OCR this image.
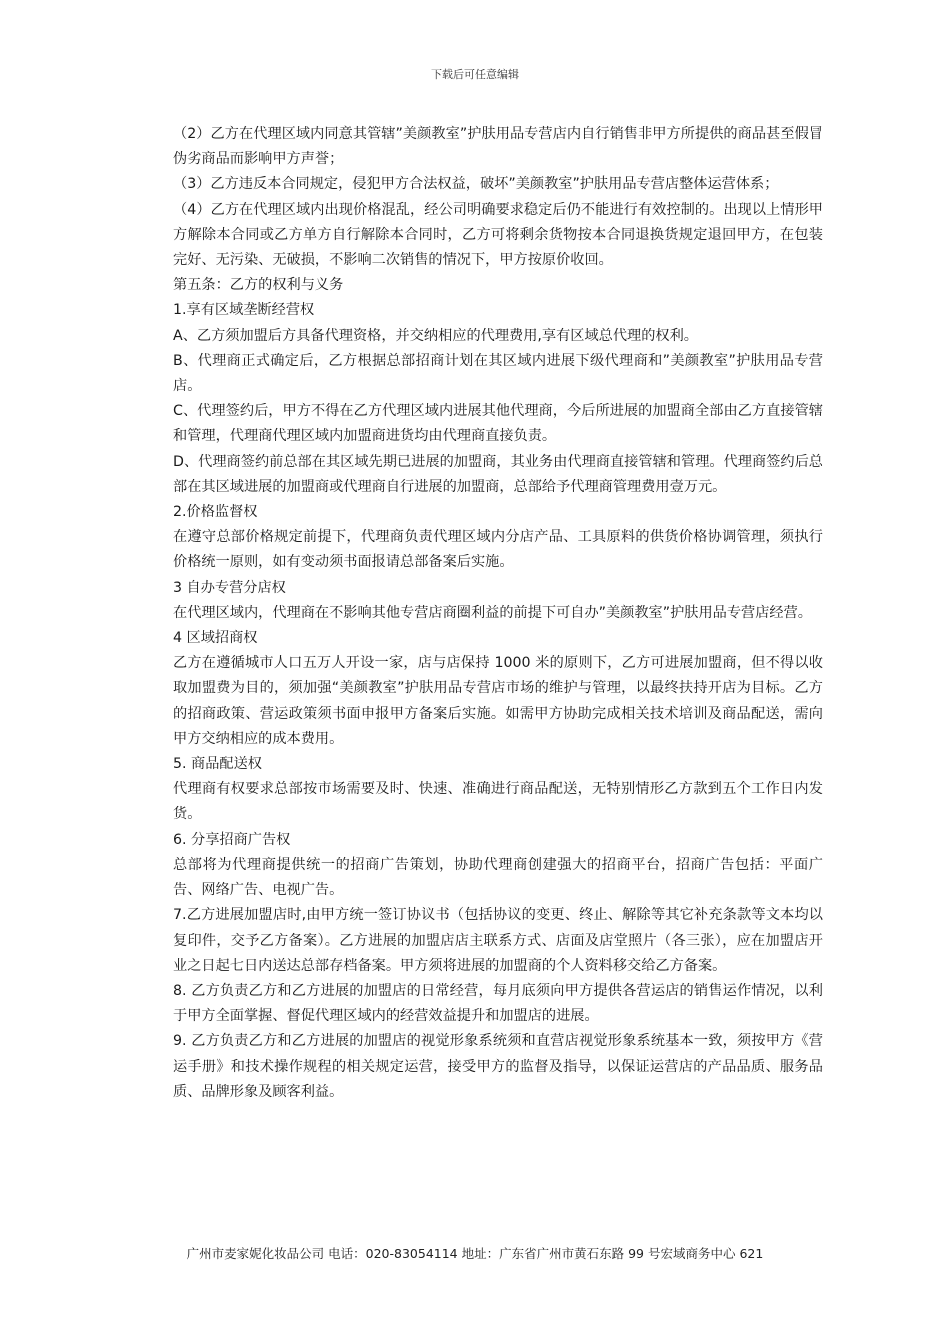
下载后可任意编辑

（2）乙方在代理区域内同意其管辖”美颜教室”护肤用品专营店内自行销售非甲方所提供的商品甚至假冒伪劣商品而影响甲方声誉；

（3）乙方违反本合同规定，侵犯甲方合法权益，破坏”美颜教室”护肤用品专营店整体运营体系；

（4）乙方在代理区域内出现价格混乱，经公司明确要求稳定后仍不能进行有效控制的。出现以上情形甲方解除本合同或乙方单方自行解除本合同时，乙方可将剩余货物按本合同退换货规定退回甲方，在包装完好、无污染、无破损，不影响二次销售的情况下，甲方按原价收回。

第五条：乙方的权利与义务

1.享有区域垄断经营权

A、乙方须加盟后方具备代理资格，并交纳相应的代理费用,享有区域总代理的权利。

B、代理商正式确定后，乙方根据总部招商计划在其区域内进展下级代理商和”美颜教室”护肤用品专营店。

C、代理签约后，甲方不得在乙方代理区域内进展其他代理商，今后所进展的加盟商全部由乙方直接管辖和管理，代理商代理区域内加盟商进货均由代理商直接负责。

D、代理商签约前总部在其区域先期已进展的加盟商，其业务由代理商直接管辖和管理。代理商签约后总部在其区域进展的加盟商或代理商自行进展的加盟商，总部给予代理商管理费用壹万元。

2.价格监督权

在遵守总部价格规定前提下，代理商负责代理区域内分店产品、工具原料的供货价格协调管理，须执行价格统一原则，如有变动须书面报请总部备案后实施。

3 自办专营分店权

在代理区域内，代理商在不影响其他专营店商圈利益的前提下可自办”美颜教室”护肤用品专营店经营。

4 区域招商权

乙方在遵循城市人口五万人开设一家，店与店保持 1000 米的原则下，乙方可进展加盟商，但不得以收取加盟费为目的，须加强“美颜教室”护肤用品专营店市场的维护与管理，以最终扶持开店为目标。乙方的招商政策、营运政策须书面申报甲方备案后实施。如需甲方协助完成相关技术培训及商品配送，需向甲方交纳相应的成本费用。

5. 商品配送权

代理商有权要求总部按市场需要及时、快速、准确进行商品配送，无特别情形乙方款到五个工作日内发货。

6. 分享招商广告权

总部将为代理商提供统一的招商广告策划，协助代理商创建强大的招商平台，招商广告包括：平面广告、网络广告、电视广告。

7.乙方进展加盟店时,由甲方统一签订协议书（包括协议的变更、终止、解除等其它补充条款等文本均以复印件，交予乙方备案）。乙方进展的加盟店店主联系方式、店面及店堂照片（各三张），应在加盟店开业之日起七日内送达总部存档备案。甲方须将进展的加盟商的个人资料移交给乙方备案。

8. 乙方负责乙方和乙方进展的加盟店的日常经营，每月底须向甲方提供各营运店的销售运作情况，以利于甲方全面掌握、督促代理区域内的经营效益提升和加盟店的进展。

9. 乙方负责乙方和乙方进展的加盟店的视觉形象系统须和直营店视觉形象系统基本一致，须按甲方《营运手册》和技术操作规程的相关规定运营，接受甲方的监督及指导，以保证运营店的产品品质、服务品质、品牌形象及顾客利益。

广州市麦家妮化妆品公司 电话：020-83054114 地址：广东省广州市黄石东路 99 号宏域商务中心 621
